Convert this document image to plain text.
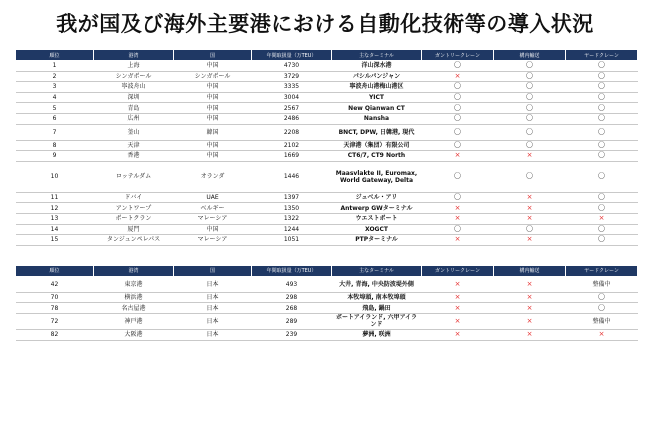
我が国及び海外主要港における自動化技術等の導入状況
順位	港湾	国	年間取扱量（万TEU）	主なターミナル	ガントリークレーン	構内輸送	ヤードクレーン
1	上海	中国	4730	洋山深水港	〇	〇	〇
2	シンガポール	シンガポール	3729	パシルパンジャン	×	〇	〇
3	寧波舟山	中国	3335	寧波舟山港梅山港区	〇	〇	〇
4	深圳	中国	3004	YICT	〇	〇	〇
5	青島	中国	2567	New Qianwan CT	〇	〇	〇
6	広州	中国	2486	Nansha	〇	〇	〇
7	釜山	韓国	2208	BNCT, DPW, 日韓港, 現代	〇	〇	〇
8	天津	中国	2102	天津港（集団）有限公司	〇	〇	〇
9	香港	中国	1669	CT6/7, CT9 North	×	×	〇
10	ロッテルダム	オランダ	1446	Maasvlakte II, Euromax, World Gateway, Delta	〇	〇	〇
11	ドバイ	UAE	1397	ジュベル・アリ	〇	×	〇
12	アントワープ	ベルギー	1350	Antwerp GWターミナル	×	×	〇
13	ポートクラン	マレーシア	1322	ウエストポート	×	×	×
14	厦門	中国	1244	XOGCT	〇	〇	〇
15	タンジュンペレパス	マレーシア	1051	PTPターミナル	×	×	〇
順位	港湾	国	年間取扱量（万TEU）	主なターミナル	ガントリークレーン	構内輸送	ヤードクレーン
42	東京港	日本	493	大井, 青海, 中央防波堤外側	×	×	整備中
70	横浜港	日本	298	本牧埠頭, 南本牧埠頭	×	×	〇
78	名古屋港	日本	268	飛島, 鍋田	×	×	〇
72	神戸港	日本	289	ポートアイランド, 六甲アイランド	×	×	整備中
82	大阪港	日本	239	夢洲, 咲洲	×	×	×
